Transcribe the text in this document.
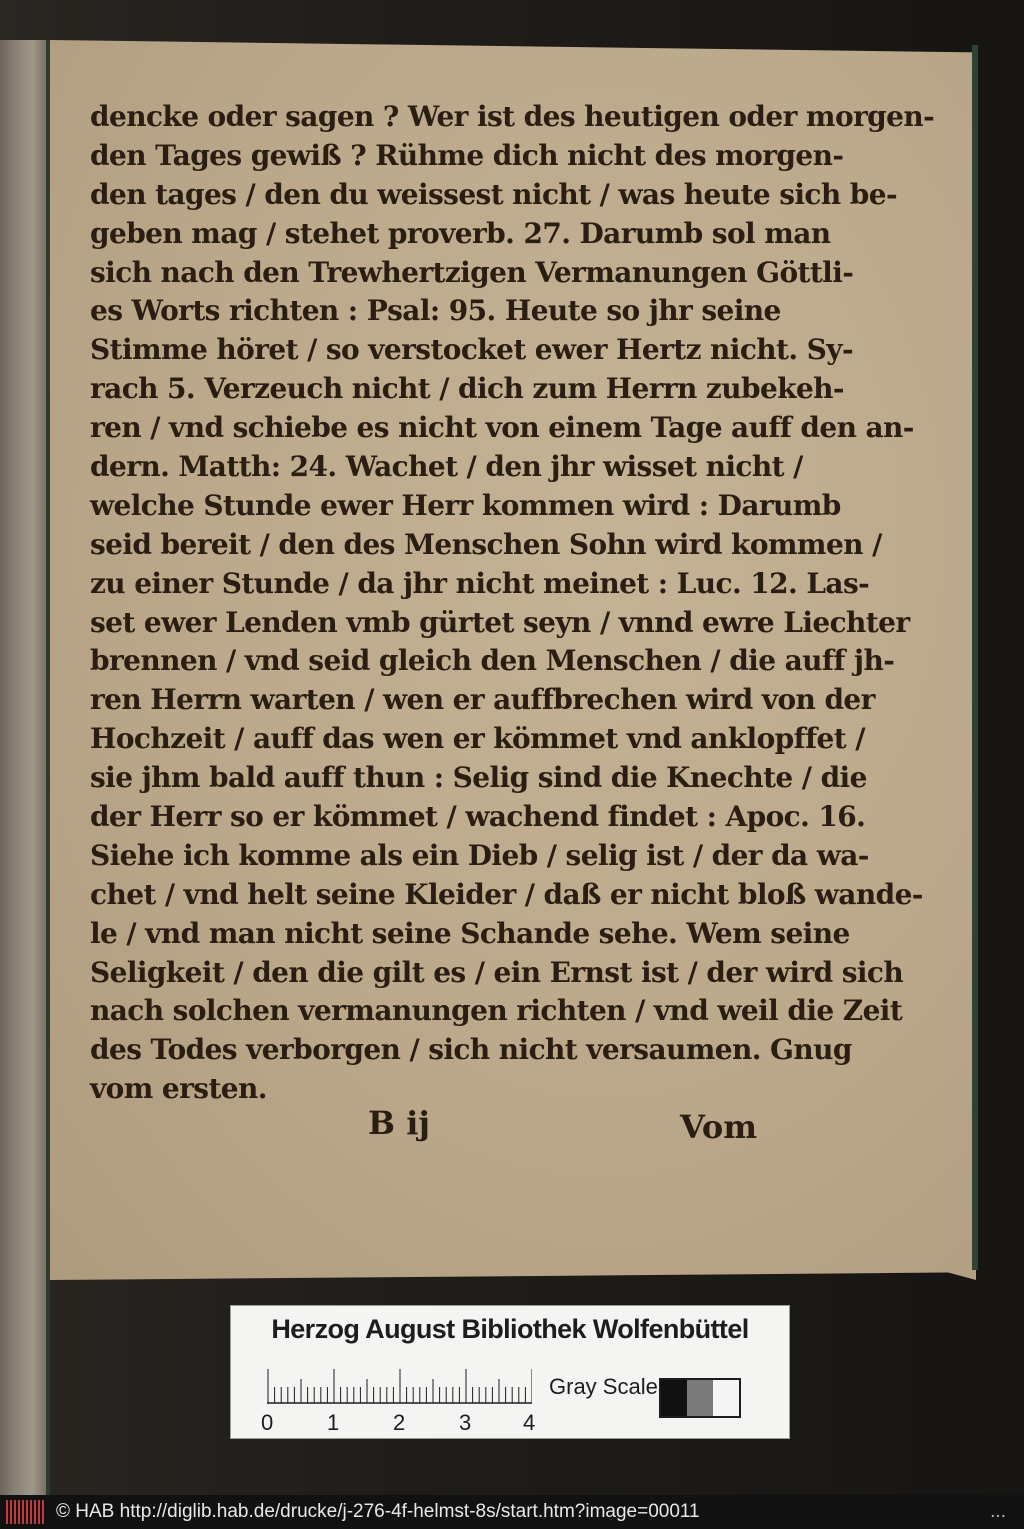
dencke oder sagen ? Wer ist des heutigen oder morgen-
den Tages gewiß ? Rühme dich nicht des morgen-
den tages / den du weissest nicht / was heute sich be-
geben mag / stehet proverb. 27. Darumb sol man
sich nach den Trewhertzigen Vermanungen Göttli-
es Worts richten : Psal: 95. Heute so jhr seine
Stimme höret / so verstocket ewer Hertz nicht. Sy-
rach 5. Verzeuch nicht / dich zum Herrn zubekeh-
ren / vnd schiebe es nicht von einem Tage auff den an-
dern. Matth: 24. Wachet / den jhr wisset nicht /
welche Stunde ewer Herr kommen wird : Darumb
seid bereit / den des Menschen Sohn wird kommen /
zu einer Stunde / da jhr nicht meinet : Luc. 12. Las-
set ewer Lenden vmb gürtet seyn / vnnd ewre Liechter
brennen / vnd seid gleich den Menschen / die auff jh-
ren Herrn warten / wen er auffbrechen wird von der
Hochzeit / auff das wen er kömmet vnd anklopffet /
sie jhm bald auff thun : Selig sind die Knechte / die
der Herr so er kömmet / wachend findet : Apoc. 16.
Siehe ich komme als ein Dieb / selig ist / der da wa-
chet / vnd helt seine Kleider / daß er nicht bloß wande-
le / vnd man nicht seine Schande sehe. Wem seine
Seligkeit / den die gilt es / ein Ernst ist / der wird sich
nach solchen vermanungen richten / vnd weil die Zeit
des Todes verborgen / sich nicht versaumen. Gnug
vom ersten.
B ij	Vom
Herzog August Bibliothek Wolfenbüttel
0 1 2 3 4
Gray Scale
© HAB http://diglib.hab.de/drucke/j-276-4f-helmst-8s/start.htm?image=00011	...
